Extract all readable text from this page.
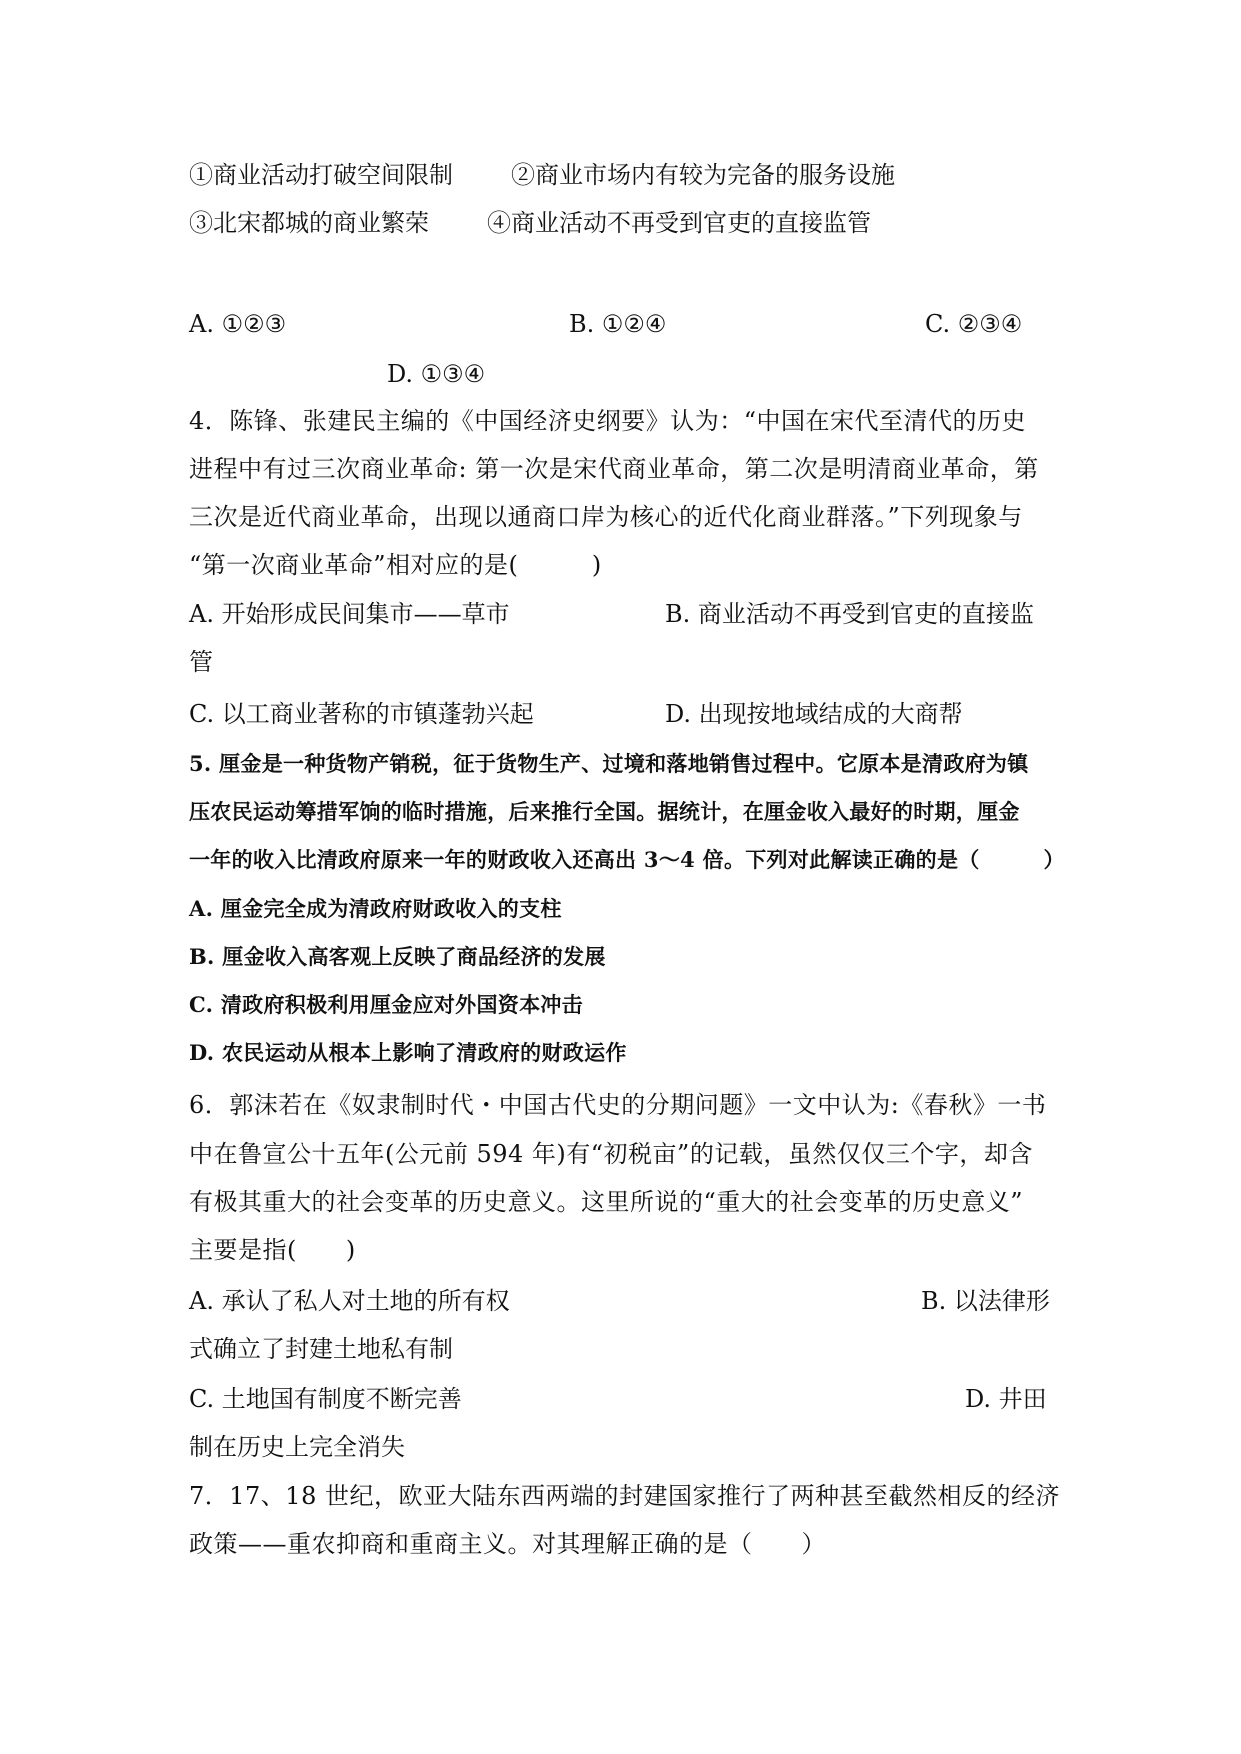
①商业活动打破空间限制 ②商业市场内有较为完备的服务设施
③北宋都城的商业繁荣 ④商业活动不再受到官吏的直接监管
A. ①②③	B. ①②④	C. ②③④
D. ①③④
4．陈锋、张建民主编的《中国经济史纲要》认为：“中国在宋代至清代的历史
进程中有过三次商业革命: 第一次是宋代商业革命，第二次是明清商业革命，第
三次是近代商业革命，出现以通商口岸为核心的近代化商业群落。”下列现象与
“第一次商业革命”相对应的是(　　　)
A. 开始形成民间集市——草市	B. 商业活动不再受到官吏的直接监
管
C. 以工商业著称的市镇蓬勃兴起	D. 出现按地域结成的大商帮
5. 厘金是一种货物产销税，征于货物生产、过境和落地销售过程中。它原本是清政府为镇
压农民运动筹措军饷的临时措施，后来推行全国。据统计，在厘金收入最好的时期，厘金
一年的收入比清政府原来一年的财政收入还高出 3～4 倍。下列对此解读正确的是（　　　）
A. 厘金完全成为清政府财政收入的支柱
B. 厘金收入高客观上反映了商品经济的发展
C. 清政府积极利用厘金应对外国资本冲击
D. 农民运动从根本上影响了清政府的财政运作
6．郭沫若在《奴隶制时代・中国古代史的分期问题》一文中认为:《春秋》一书
中在鲁宣公十五年(公元前 594 年)有“初税亩”的记载，虽然仅仅三个字，却含
有极其重大的社会变革的历史意义。这里所说的“重大的社会变革的历史意义”
主要是指(　　)
A. 承认了私人对土地的所有权	B. 以法律形
式确立了封建土地私有制
C. 土地国有制度不断完善	D. 井田
制在历史上完全消失
7．17、18 世纪，欧亚大陆东西两端的封建国家推行了两种甚至截然相反的经济
政策——重农抑商和重商主义。对其理解正确的是（　　）
